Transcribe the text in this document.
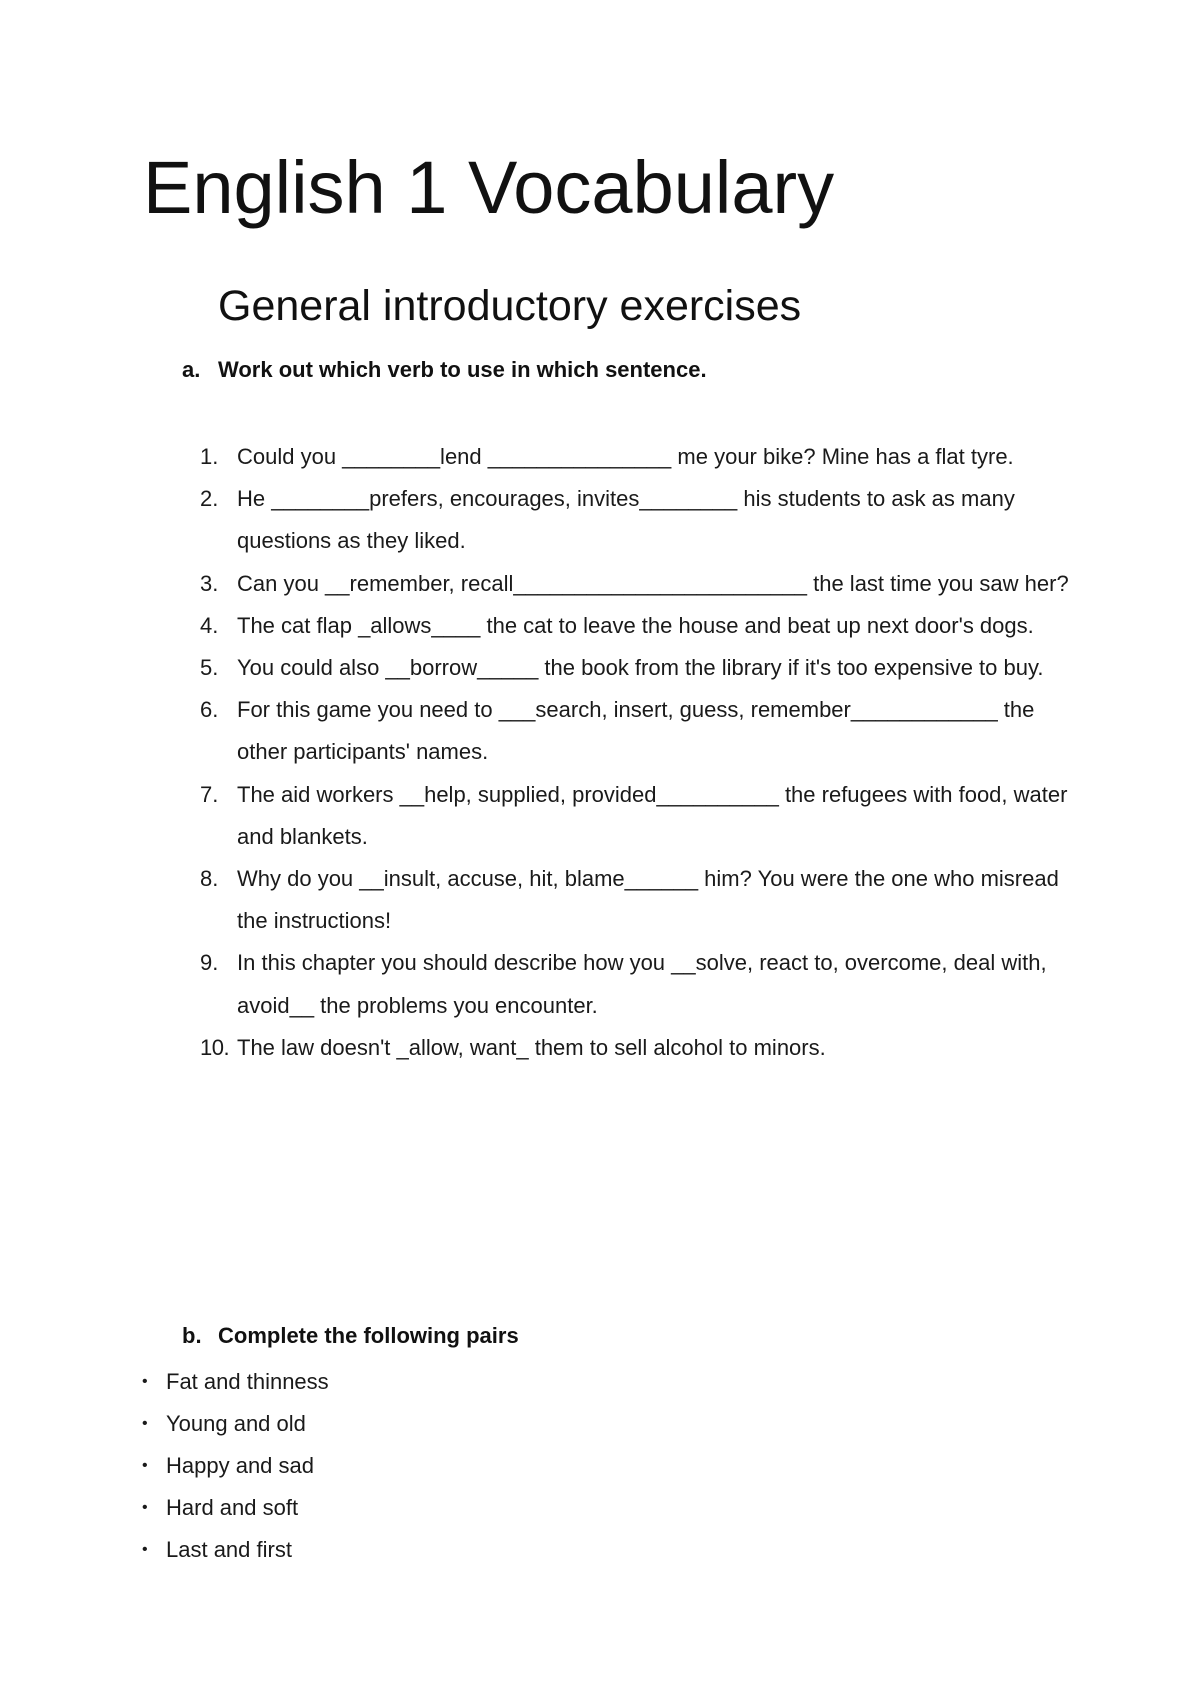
English 1 Vocabulary
General introductory exercises
a. Work out which verb to use in which sentence.
1. Could you ________lend _______________ me your bike? Mine has a flat tyre.
2. He ________prefers, encourages, invites________ his students to ask as many questions as they liked.
3. Can you __remember, recall________________________ the last time you saw her?
4. The cat flap _allows____ the cat to leave the house and beat up next door's dogs.
5. You could also __borrow_____ the book from the library if it's too expensive to buy.
6. For this game you need to ___search, insert, guess, remember____________ the other participants' names.
7. The aid workers __help, supplied, provided__________ the refugees with food, water and blankets.
8. Why do you __insult, accuse, hit, blame______ him? You were the one who misread the instructions!
9. In this chapter you should describe how you __solve, react to, overcome, deal with, avoid__ the problems you encounter.
10. The law doesn't _allow, want_ them to sell alcohol to minors.
b. Complete the following pairs
• Fat and thinness
• Young and old
• Happy and sad
• Hard and soft
• Last and first
